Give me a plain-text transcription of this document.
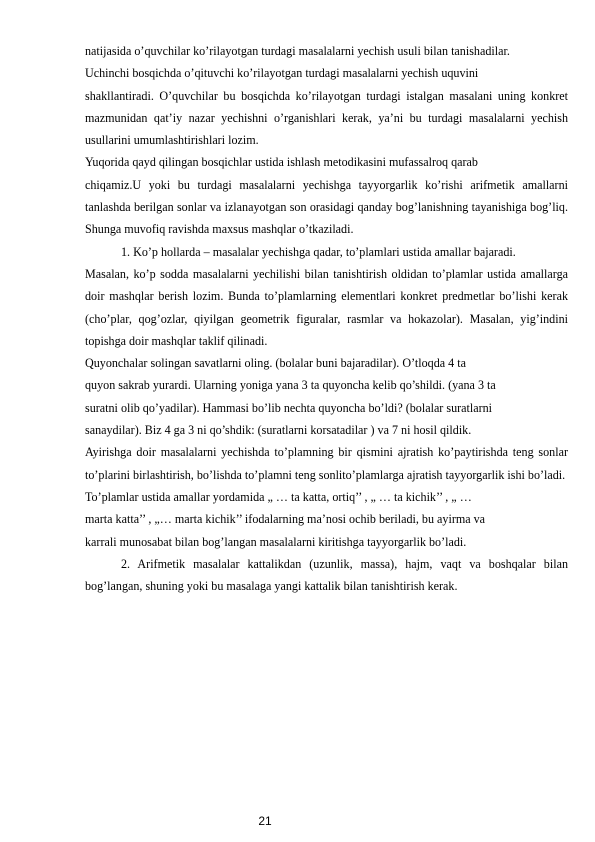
natijasida o’quvchilar ko’rilayotgan turdagi masalalarni yechish usuli bilan tanishadilar.

Uchinchi bosqichda o’qituvchi ko’rilayotgan turdagi masalalarni yechish uquvini

shakllantiradi. O’quvchilar bu bosqichda ko’rilayotgan turdagi istalgan masalani uning konkret mazmunidan qat’iy nazar yechishni o’rganishlari kerak, ya’ni bu turdagi masalalarni yechish usullarini umumlashtirishlari lozim.

Yuqorida qayd qilingan bosqichlar ustida ishlash metodikasini mufassalroq qarab

chiqamiz.U yoki bu turdagi masalalarni yechishga tayyorgarlik ko’rishi arifmetik amallarni tanlashda berilgan sonlar va izlanayotgan son orasidagi qanday bog’lanishning tayanishiga bog’liq. Shunga muvofiq ravishda maxsus mashqlar o’tkaziladi.

1. Ko’p hollarda – masalalar yechishga qadar, to’plamlari ustida amallar bajaradi.

Masalan, ko’p sodda masalalarni yechilishi bilan tanishtirish oldidan to’plamlar ustida amallarga doir mashqlar berish lozim. Bunda to’plamlarning elementlari konkret predmetlar bo’lishi kerak (cho’plar, qog’ozlar, qiyilgan geometrik figuralar, rasmlar va hokazolar). Masalan, yig’indini topishga doir mashqlar taklif qilinadi.

Quyonchalar solingan savatlarni oling. (bolalar buni bajaradilar). O’tloqda 4 ta

quyon sakrab yurardi. Ularning yoniga yana 3 ta quyoncha kelib qo’shildi. (yana 3 ta

suratni olib qo’yadilar). Hammasi bo’lib nechta quyoncha bo’ldi? (bolalar suratlarni

sanaydilar). Biz 4 ga 3 ni qo’shdik: (suratlarni korsatadilar ) va 7 ni hosil qildik.

Ayirishga doir masalalarni yechishda to’plamning bir qismini ajratish ko’paytirishda teng sonlar to’plarini birlashtirish, bo’lishda to’plamni teng sonlito’plamlarga ajratish tayyorgarlik ishi bo’ladi.

To’plamlar ustida amallar yordamida „ … ta katta, ortiq’’ , „ … ta kichik’’ , „ …

marta katta’’ , „… marta kichik’’ ifodalarning ma’nosi ochib beriladi, bu ayirma va

karrali munosabat bilan bog’langan masalalarni kiritishga tayyorgarlik bo’ladi.

2. Arifmetik masalalar kattalikdan (uzunlik, massa), hajm, vaqt va boshqalar bilan bog’langan, shuning yoki bu masalaga yangi kattalik bilan tanishtirish kerak.

21
